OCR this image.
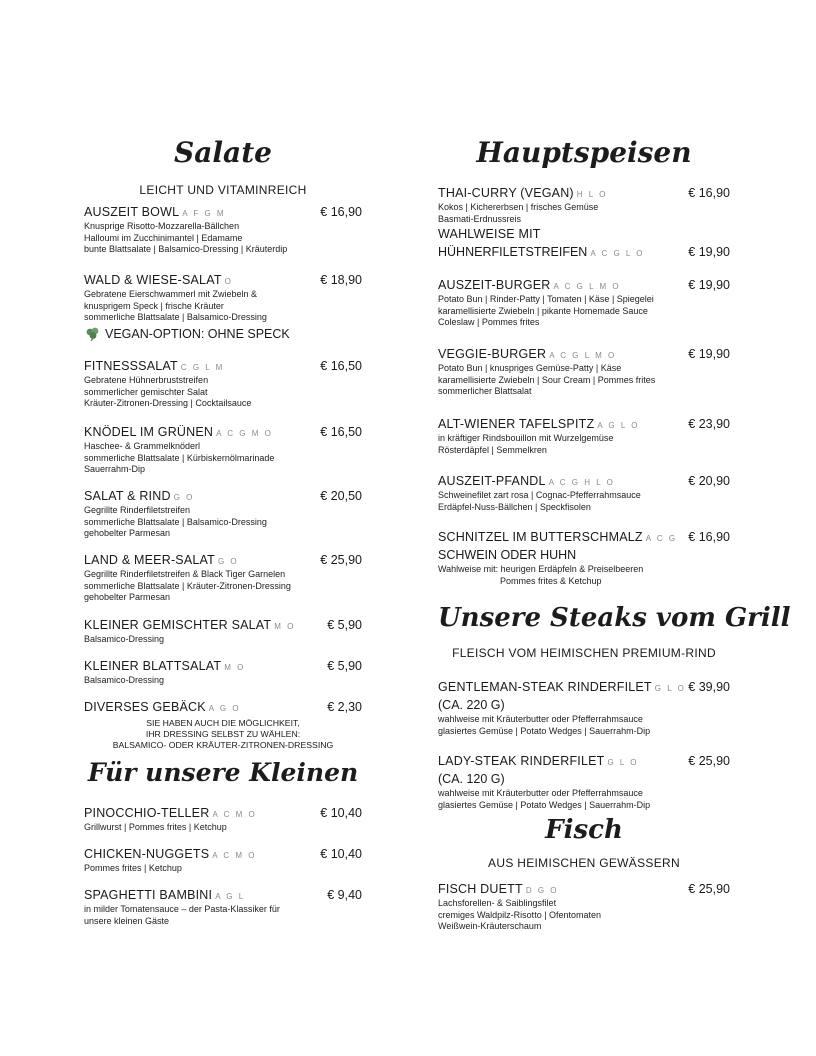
Salate
LEICHT UND VITAMINREICH
AUSZEIT BOWL A F G M	€ 16,90
Knusprige Risotto-Mozzarella-Bällchen
Halloumi im Zucchinimantel | Edamame
bunte Blattsalate | Balsamico-Dressing | Kräuterdip
WALD & WIESE-SALAT O	€ 18,90
Gebratene Eierschwammerl mit Zwiebeln &
knusprigem Speck | frische Kräuter
sommerliche Blattsalate | Balsamico-Dressing
FITNESSSALAT C G L M	€ 16,50
Gebratene Hühnerbruststreifen
sommerlicher gemischter Salat
Kräuter-Zitronen-Dressing | Cocktailsauce
KNÖDEL IM GRÜNEN A C G M O	€ 16,50
Haschee- & Grammelknöderl
sommerliche Blattsalate | Kürbiskernölmarinade
Sauerrahm-Dip
SALAT & RIND G O	€ 20,50
Gegrillte Rinderfiletstreifen
sommerliche Blattsalate | Balsamico-Dressing
gehobelter Parmesan
LAND & MEER-SALAT G O	€ 25,90
Gegrillte Rinderfiletstreifen & Black Tiger Garnelen
sommerliche Blattsalate | Kräuter-Zitronen-Dressing
gehobelter Parmesan
KLEINER GEMISCHTER SALAT M O	€ 5,90
Balsamico-Dressing
KLEINER BLATTSALAT M O	€ 5,90
Balsamico-Dressing
DIVERSES GEBÄCK A G O	€ 2,30
VEGAN-OPTION: OHNE SPECK
SIE HABEN AUCH DIE MÖGLICHKEIT,
IHR DRESSING SELBST ZU WÄHLEN:
BALSAMICO- ODER KRÄUTER-ZITRONEN-DRESSING
Für unsere Kleinen
PINOCCHIO-TELLER A C M O	€ 10,40
Grillwurst | Pommes frites | Ketchup
CHICKEN-NUGGETS A C M O	€ 10,40
Pommes frites | Ketchup
SPAGHETTI BAMBINI A G L	€ 9,40
in milder Tomatensauce – der Pasta-Klassiker für
unsere kleinen Gäste
Hauptspeisen
THAI-CURRY (VEGAN) H L O	€ 16,90
Kokos | Kichererbsen | frisches Gemüse
Basmati-Erdnussreis
WAHLWEISE MIT
HÜHNERFILETSTREIFEN A C G L O	€ 19,90
AUSZEIT-BURGER A C G L M O	€ 19,90
Potato Bun | Rinder-Patty | Tomaten | Käse | Spiegelei
karamellisierte Zwiebeln | pikante Homemade Sauce
Coleslaw | Pommes frites
VEGGIE-BURGER A C G L M O	€ 19,90
Potato Bun | knuspriges Gemüse-Patty | Käse
karamellisierte Zwiebeln | Sour Cream | Pommes frites
sommerlicher Blattsalat
ALT-WIENER TAFELSPITZ A G L O	€ 23,90
in kräftiger Rindsbouillon mit Wurzelgemüse
Rösterdäpfel | Semmelkren
AUSZEIT-PFANDL A C G H L O	€ 20,90
Schweinefilet zart rosa | Cognac-Pfefferrahmsauce
Erdäpfel-Nuss-Bällchen | Speckfisolen
SCHNITZEL IM BUTTERSCHMALZ A C G € 16,90
SCHWEIN ODER HUHN
Wahlweise mit: heurigen Erdäpfeln & Preiselbeeren
Pommes frites & Ketchup
Unsere Steaks vom Grill
FLEISCH VOM HEIMISCHEN PREMIUM-RIND
GENTLEMAN-STEAK RINDERFILET G L O € 39,90
(CA. 220 G)
wahlweise mit Kräuterbutter oder Pfefferrahmsauce
glasiertes Gemüse | Potato Wedges | Sauerrahm-Dip
LADY-STEAK RINDERFILET G L O	€ 25,90
(CA. 120 G)
wahlweise mit Kräuterbutter oder Pfefferrahmsauce
glasiertes Gemüse | Potato Wedges | Sauerrahm-Dip
Fisch
AUS HEIMISCHEN GEWÄSSERN
FISCH DUETT D G O	€ 25,90
Lachsforellen- & Saiblingsfilet
cremiges Waldpilz-Risotto | Ofentomaten
Weißwein-Kräuterschaum
